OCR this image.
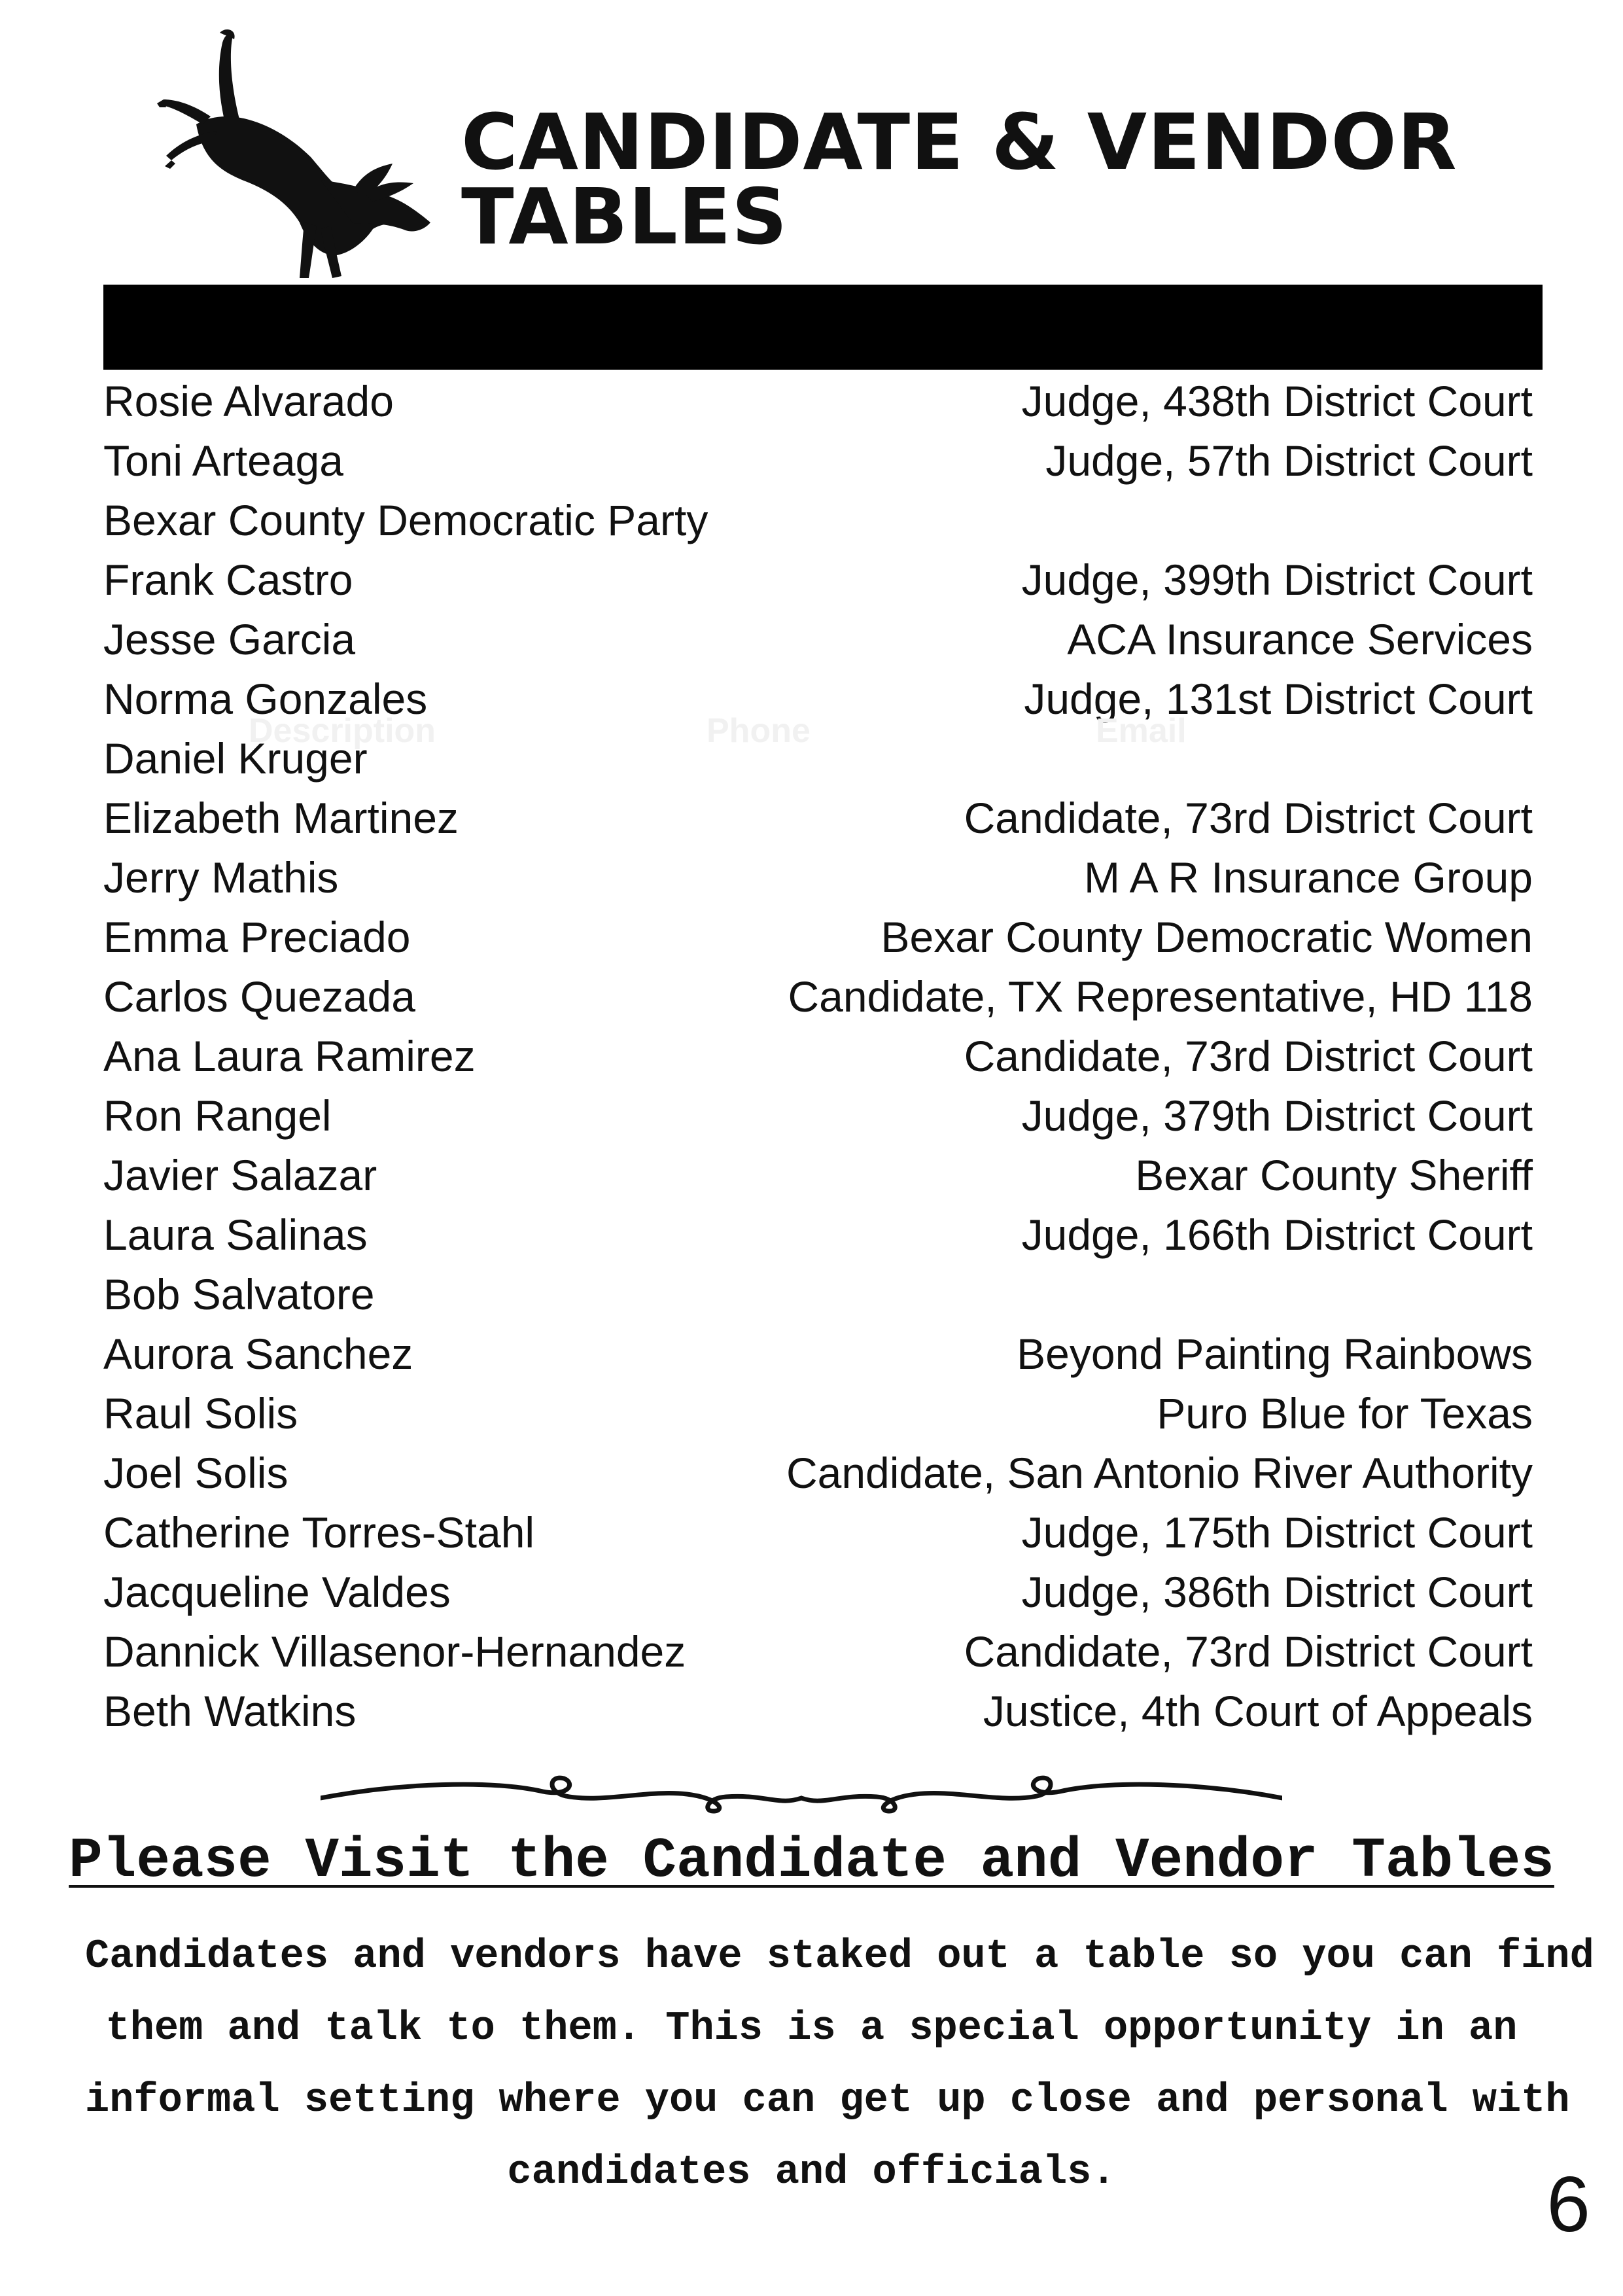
CANDIDATE & VENDOR
TABLES
Rosie Alvarado	Judge, 438th District Court
Toni Arteaga	Judge, 57th District Court
Bexar County Democratic Party
Frank Castro	Judge, 399th District Court
Jesse Garcia	ACA Insurance Services
Norma Gonzales	Judge, 131st District Court
Daniel Kruger
Elizabeth Martinez	Candidate, 73rd District Court
Jerry Mathis	M A R Insurance Group
Emma Preciado	Bexar County Democratic Women
Carlos Quezada	Candidate, TX Representative, HD 118
Ana Laura Ramirez	Candidate, 73rd District Court
Ron Rangel	Judge, 379th District Court
Javier Salazar	Bexar County Sheriff
Laura Salinas	Judge, 166th District Court
Bob Salvatore
Aurora Sanchez	Beyond Painting Rainbows
Raul Solis	Puro Blue for Texas
Joel Solis	Candidate, San Antonio River Authority
Catherine Torres-Stahl	Judge, 175th District Court
Jacqueline Valdes	Judge, 386th District Court
Dannick Villasenor-Hernandez	Candidate, 73rd District Court
Beth Watkins	Justice, 4th Court of Appeals
Description	Phone	Email
Please Visit the Candidate and Vendor Tables
Candidates and vendors have staked out a table so you can find
them and talk to them. This is a special opportunity in an
informal setting where you can get up close and personal with
candidates and officials.	6
